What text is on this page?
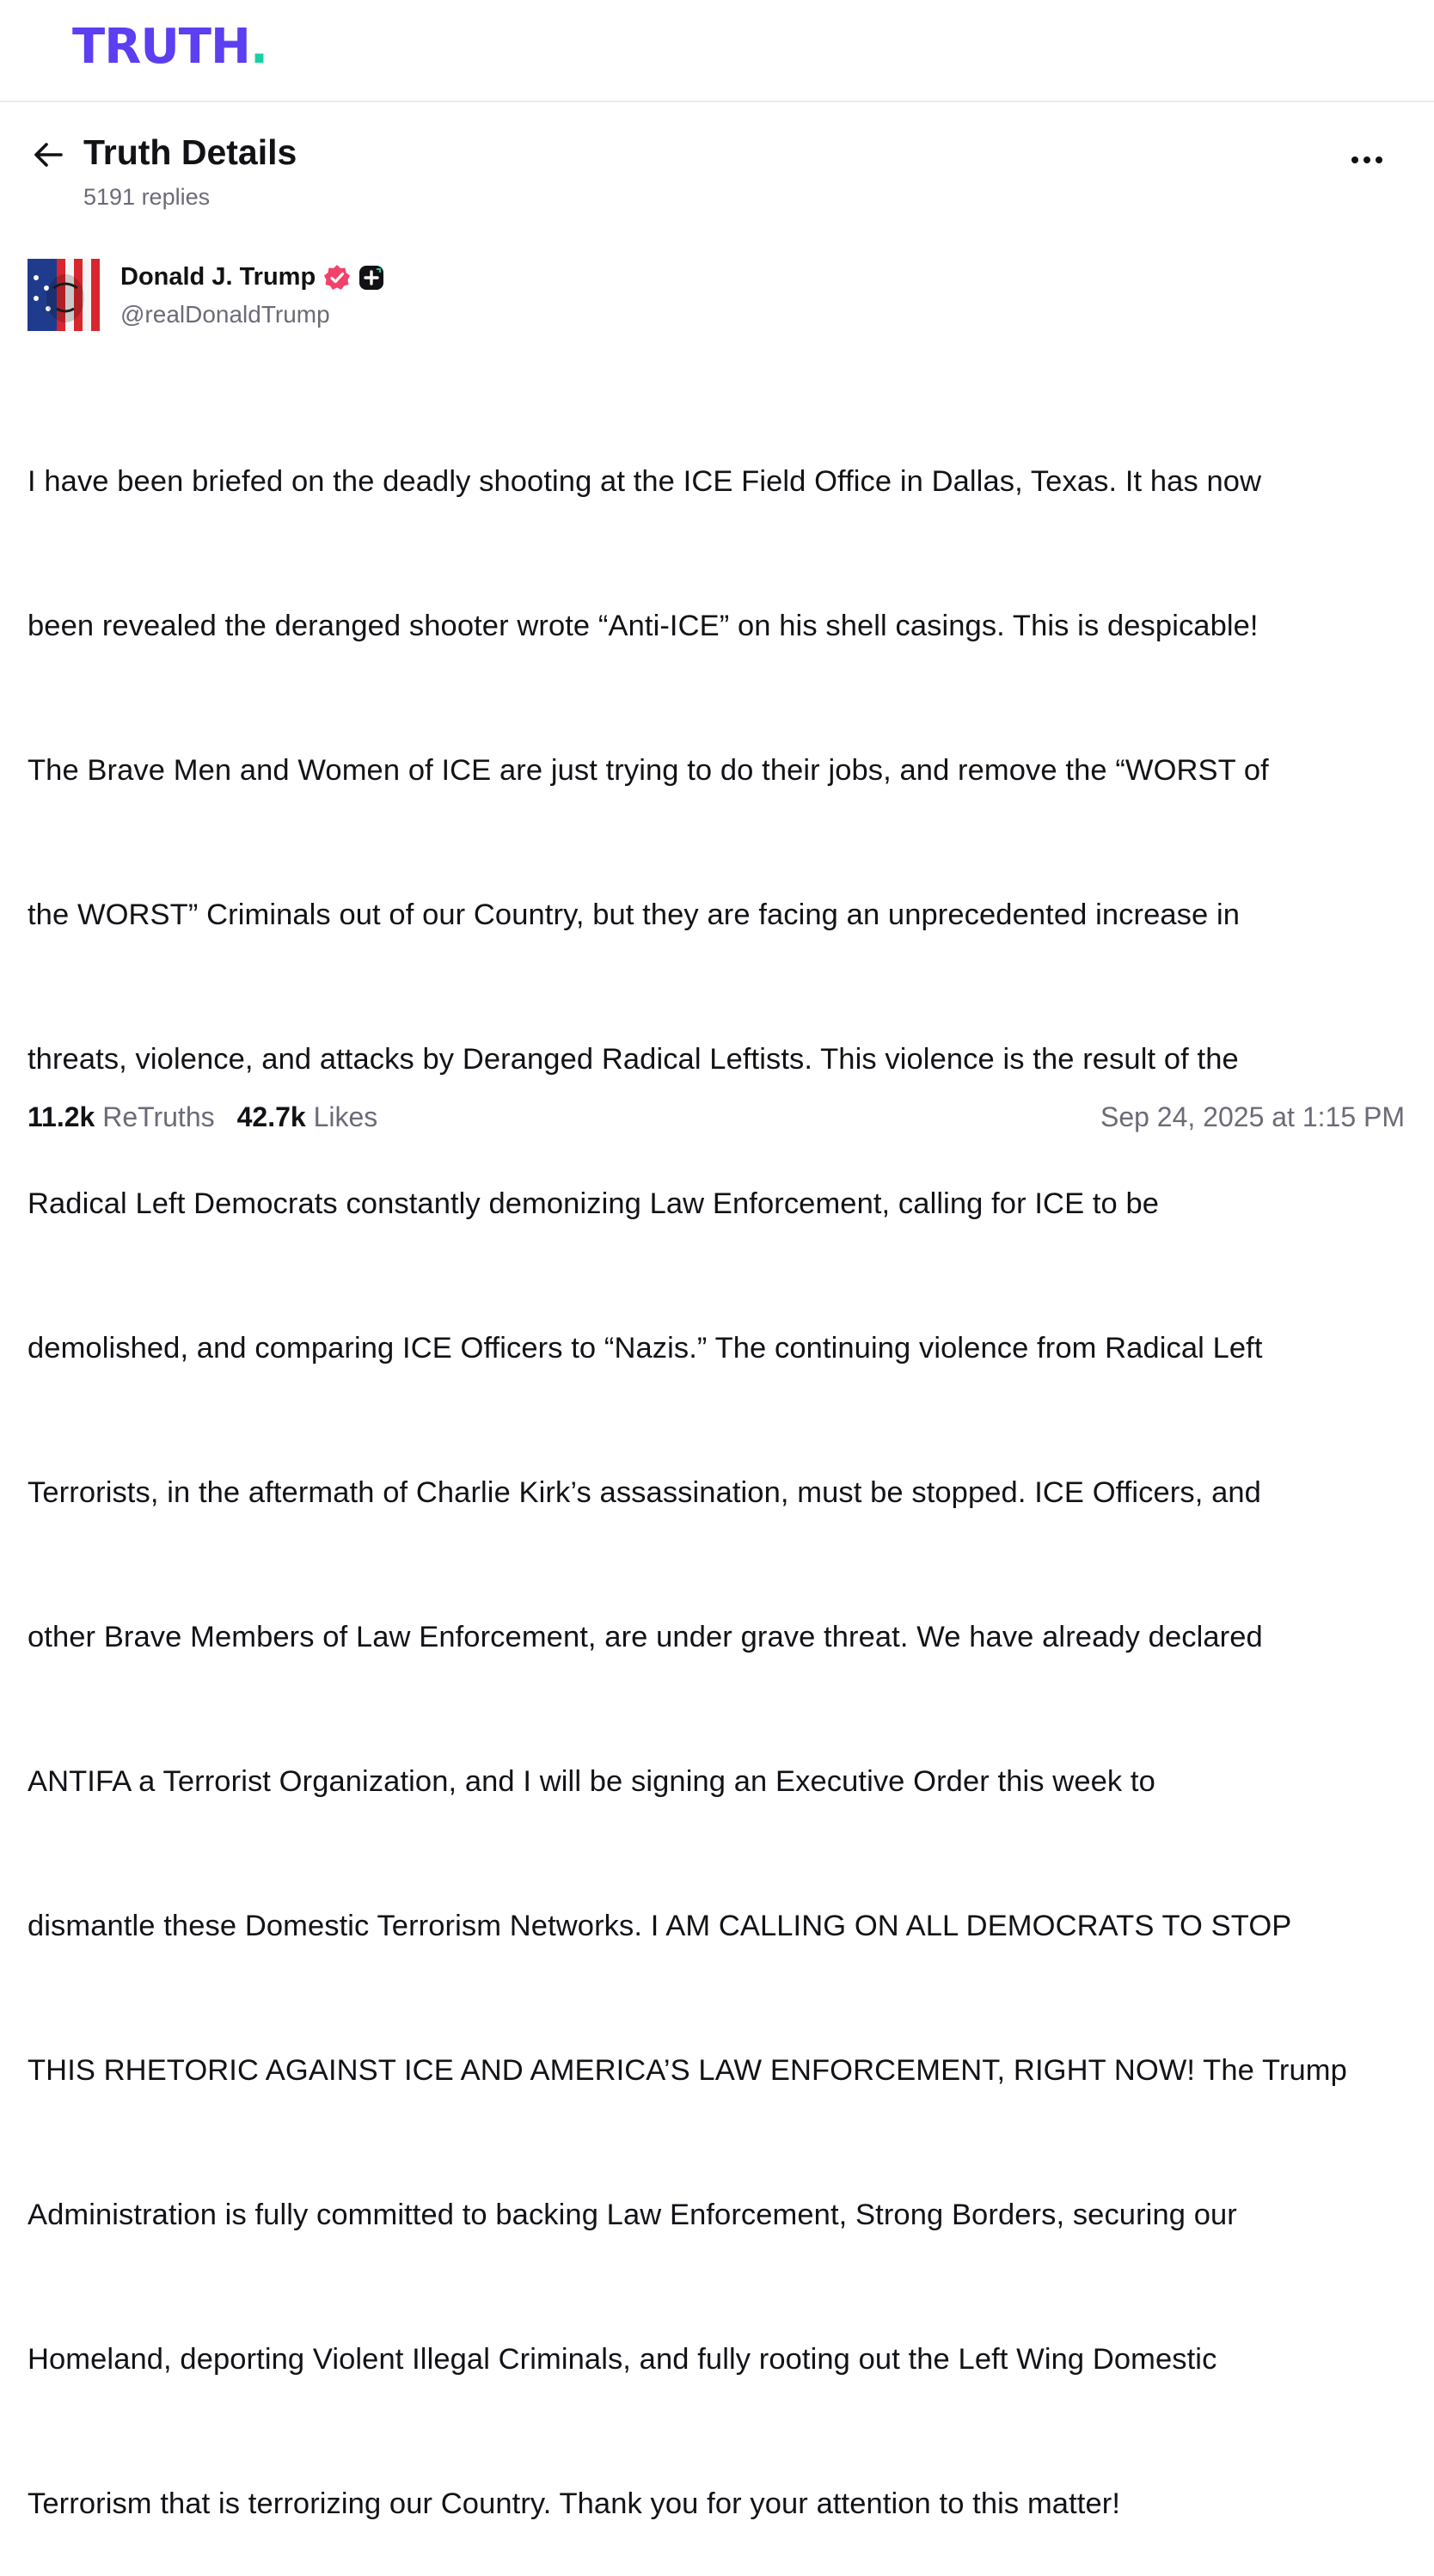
TRUTH.
Truth Details
5191 replies
Donald J. Trump
@realDonaldTrump

I have been briefed on the deadly shooting at the ICE Field Office in Dallas, Texas. It has now

been revealed the deranged shooter wrote “Anti-ICE” on his shell casings. This is despicable!

The Brave Men and Women of ICE are just trying to do their jobs, and remove the “WORST of

the WORST” Criminals out of our Country, but they are facing an unprecedented increase in

threats, violence, and attacks by Deranged Radical Leftists. This violence is the result of the

Radical Left Democrats constantly demonizing Law Enforcement, calling for ICE to be

demolished, and comparing ICE Officers to “Nazis.” The continuing violence from Radical Left

Terrorists, in the aftermath of Charlie Kirk’s assassination, must be stopped. ICE Officers, and

other Brave Members of Law Enforcement, are under grave threat. We have already declared

ANTIFA a Terrorist Organization, and I will be signing an Executive Order this week to

dismantle these Domestic Terrorism Networks. I AM CALLING ON ALL DEMOCRATS TO STOP

THIS RHETORIC AGAINST ICE AND AMERICA’S LAW ENFORCEMENT, RIGHT NOW! The Trump

Administration is fully committed to backing Law Enforcement, Strong Borders, securing our

Homeland, deporting Violent Illegal Criminals, and fully rooting out the Left Wing Domestic

Terrorism that is terrorizing our Country. Thank you for your attention to this matter!

11.2k ReTruths 42.7k Likes	Sep 24, 2025 at 1:15 PM
